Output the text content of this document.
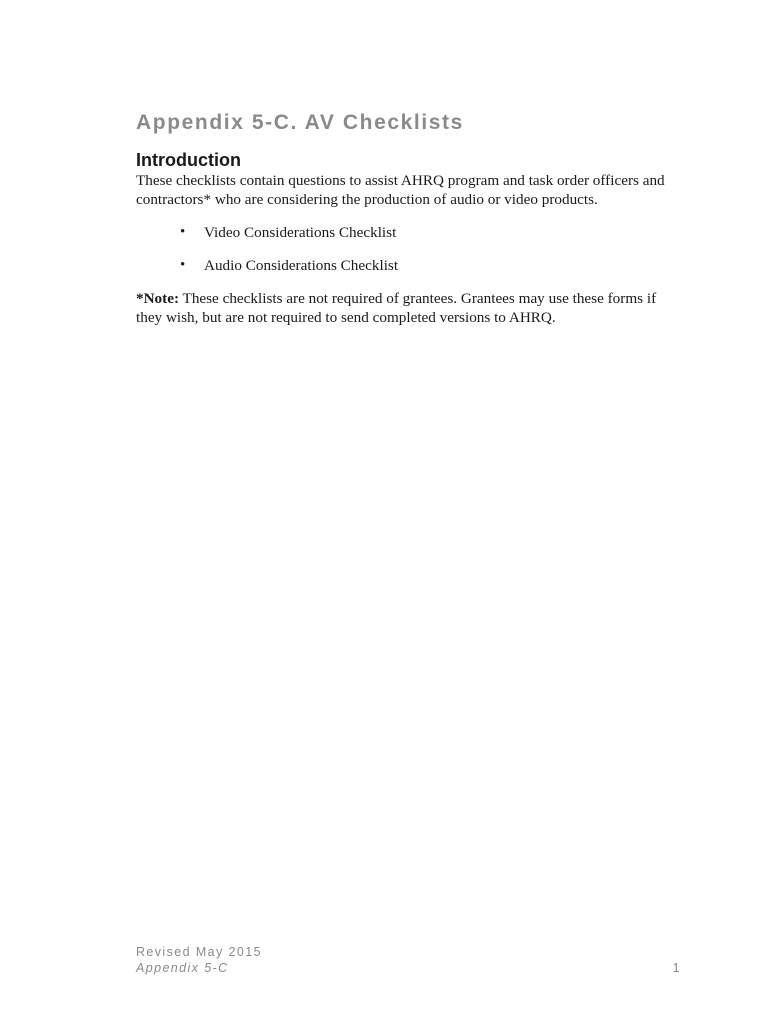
Appendix 5-C. AV Checklists
Introduction

These checklists contain questions to assist AHRQ program and task order officers and contractors* who are considering the production of audio or video products.

• Video Considerations Checklist
• Audio Considerations Checklist

*Note: These checklists are not required of grantees. Grantees may use these forms if they wish, but are not required to send completed versions to AHRQ.

Revised May 2015
Appendix 5-C	1
